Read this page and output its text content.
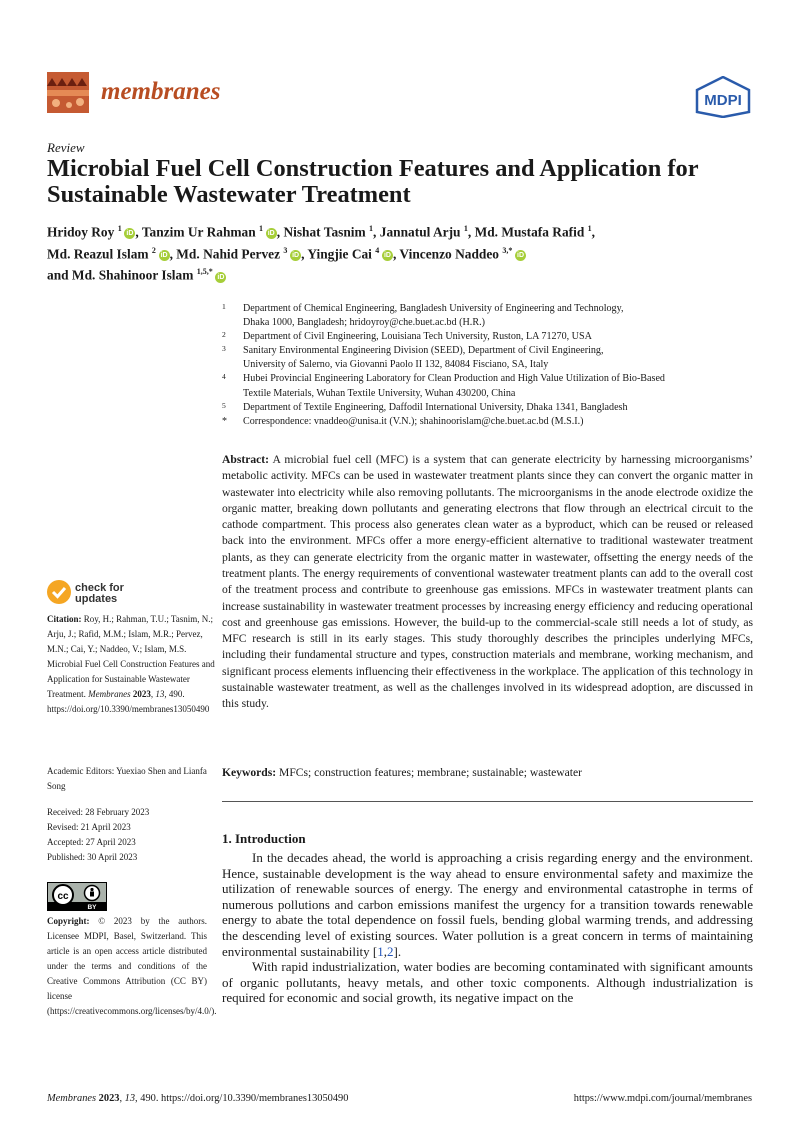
membranes	MDPI
Review
Microbial Fuel Cell Construction Features and Application for Sustainable Wastewater Treatment
Hridoy Roy $^1$ iD , Tanzim Ur Rahman $^1$ iD , Nishat Tasnim $^1$, Jannatul Arju $^1$, Md. Mustafa Rafid $^1$,
Md. Reazul Islam $^2$ iD , Md. Nahid Pervez $^3$ iD , Yingjie Cai $^4$ iD , Vincenzo Naddeo $^{3,*}$ iD
and Md. Shahinoor Islam $^{1,5,*}$ iD
1 Department of Chemical Engineering, Bangladesh University of Engineering and Technology,
Dhaka 1000, Bangladesh; hridoyroy@che.buet.ac.bd (H.R.)
2 Department of Civil Engineering, Louisiana Tech University, Ruston, LA 71270, USA
3 Sanitary Environmental Engineering Division (SEED), Department of Civil Engineering,
University of Salerno, via Giovanni Paolo II 132, 84084 Fisciano, SA, Italy
4 Hubei Provincial Engineering Laboratory for Clean Production and High Value Utilization of Bio-Based
Textile Materials, Wuhan Textile University, Wuhan 430200, China
5 Department of Textile Engineering, Daffodil International University, Dhaka 1341, Bangladesh
* Correspondence: vnaddeo@unisa.it (V.N.); shahinoorislam@che.buet.ac.bd (M.S.I.)

Abstract: A microbial fuel cell (MFC) is a system that can generate electricity by harnessing microorganisms’ metabolic activity. MFCs can be used in wastewater treatment plants since they can convert the organic matter in wastewater into electricity while also removing pollutants. The microorganisms in the anode electrode oxidize the organic matter, breaking down pollutants and generating electrons that flow through an electrical circuit to the cathode compartment. This process also generates clean water as a byproduct, which can be reused or released back into the environment. MFCs offer a more energy-efficient alternative to traditional wastewater treatment plants, as they can generate electricity from the organic matter in wastewater, offsetting the energy needs of the treatment plants. The energy requirements of conventional wastewater treatment plants can add to the overall cost of the treatment process and contribute to greenhouse gas emissions. MFCs in wastewater treatment plants can increase sustainability in wastewater treatment processes by increasing energy efficiency and reducing operational cost and greenhouse gas emissions. However, the build-up to the commercial-scale still needs a lot of study, as MFC research is still in its early stages. This study thoroughly describes the principles underlying MFCs, including their fundamental structure and types, construction materials and membrane, working mechanism, and significant process elements influencing their effectiveness in the workplace. The application of this technology in sustainable wastewater treatment, as well as the challenges involved in its widespread adoption, are discussed in this study.

Keywords: MFCs; construction features; membrane; sustainable; wastewater

check for
updates

Citation: Roy, H.; Rahman, T.U.; Tasnim, N.; Arju, J.; Rafid, M.M.; Islam, M.R.; Pervez, M.N.; Cai, Y.; Naddeo, V.; Islam, M.S. Microbial Fuel Cell Construction Features and Application for Sustainable Wastewater Treatment. Membranes 2023, 13, 490. https://doi.org/10.3390/membranes13050490

Academic Editors: Yuexiao Shen and Lianfa Song

Received: 28 February 2023
Revised: 21 April 2023
Accepted: 27 April 2023
Published: 30 April 2023
cc
BY

Copyright: © 2023 by the authors. Licensee MDPI, Basel, Switzerland. This article is an open access article distributed under the terms and conditions of the Creative Commons Attribution (CC BY) license (https://creativecommons.org/licenses/by/4.0/).

1. Introduction

In the decades ahead, the world is approaching a crisis regarding energy and the environment. Hence, sustainable development is the way ahead to ensure environmental safety and maximize the utilization of renewable sources of energy. The energy and environmental catastrophe in terms of numerous pollutions and carbon emissions manifest the urgency for a transition towards renewable energy to abate the total dependence on fossil fuels, bending global warming trends, and addressing the descending level of existing sources. Water pollution is a great concern in terms of maintaining environmental sustainability [1,2].

With rapid industrialization, water bodies are becoming contaminated with significant amounts of organic pollutants, heavy metals, and other toxic components. Although industrialization is required for economic and social growth, its negative impact on the

Membranes 2023, 13, 490. https://doi.org/10.3390/membranes13050490	https://www.mdpi.com/journal/membranes
